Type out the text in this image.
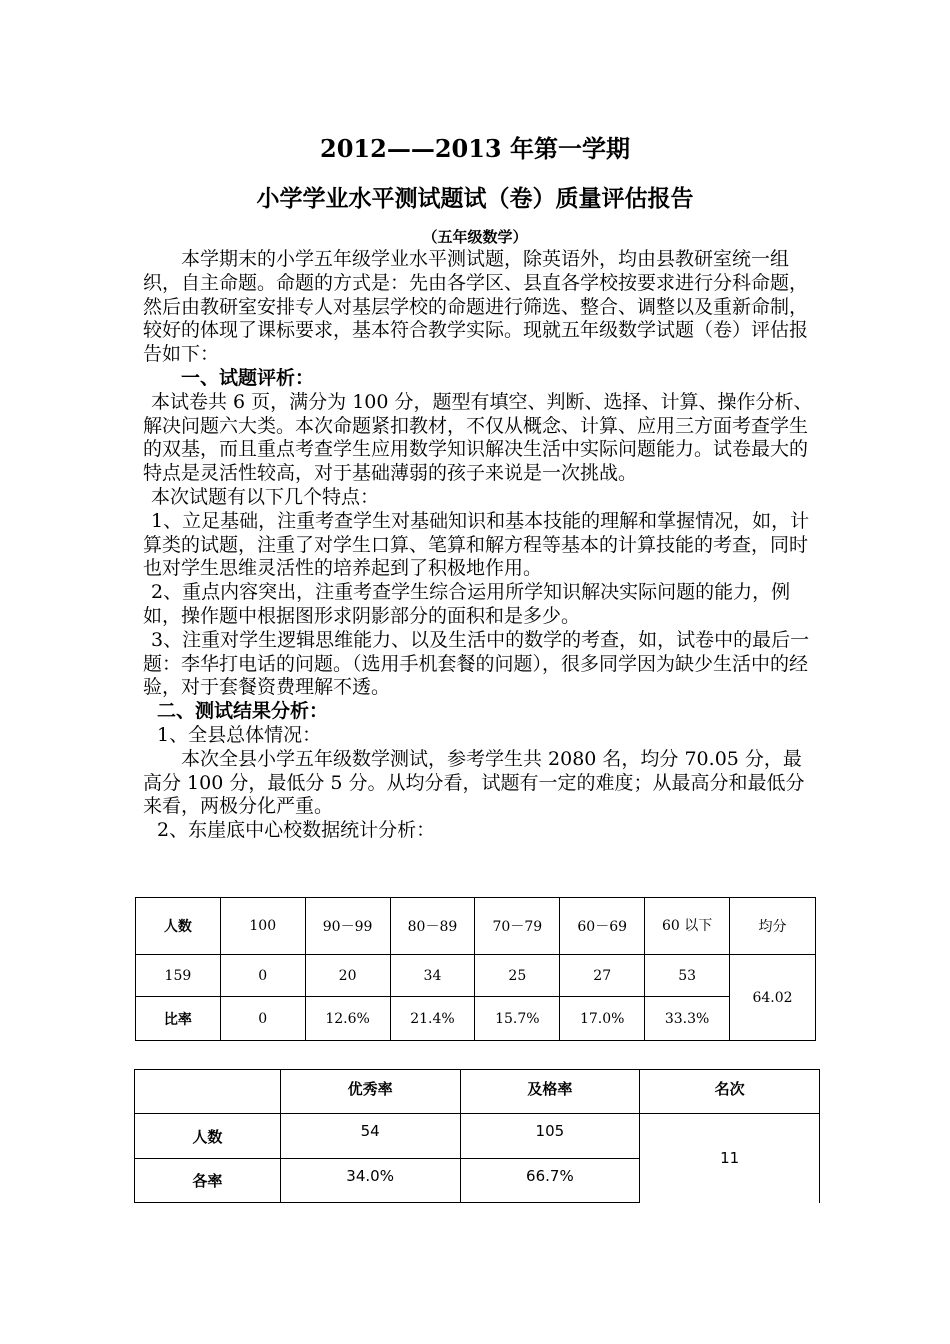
2012——2013 年第一学期
小学学业水平测试题试（卷）质量评估报告
（五年级数学）

本学期末的小学五年级学业水平测试题，除英语外，均由县教研室统一组织，自主命题。命题的方式是：先由各学区、县直各学校按要求进行分科命题，然后由教研室安排专人对基层学校的命题进行筛选、整合、调整以及重新命制，较好的体现了课标要求，基本符合教学实际。现就五年级数学试题（卷）评估报告如下：

一、试题评析：

本试卷共 6 页，满分为 100 分，题型有填空、判断、选择、计算、操作分析、解决问题六大类。本次命题紧扣教材，不仅从概念、计算、应用三方面考查学生的双基，而且重点考查学生应用数学知识解决生活中实际问题能力。试卷最大的特点是灵活性较高，对于基础薄弱的孩子来说是一次挑战。

本次试题有以下几个特点：

1、立足基础，注重考查学生对基础知识和基本技能的理解和掌握情况，如，计算类的试题，注重了对学生口算、笔算和解方程等基本的计算技能的考查，同时也对学生思维灵活性的培养起到了积极地作用。

2、重点内容突出，注重考查学生综合运用所学知识解决实际问题的能力，例如，操作题中根据图形求阴影部分的面积和是多少。

3、注重对学生逻辑思维能力、以及生活中的数学的考查，如，试卷中的最后一题：李华打电话的问题。（选用手机套餐的问题），很多同学因为缺少生活中的经验，对于套餐资费理解不透。

二、测试结果分析：

1、全县总体情况：

本次全县小学五年级数学测试，参考学生共 2080 名，均分 70.05 分，最高分 100 分，最低分 5 分。从均分看，试题有一定的难度；从最高分和最低分来看，两极分化严重。

2、东崖底中心校数据统计分析：

人数	100	90－99	80－89	70－79	60－69	60 以下	均分
159	0	20	34	25	27	53	64.02
比率	0	12.6%	21.4%	15.7%	17.0%	33.3%	
	优秀率	及格率	名次
人数	54	105	11
各率	34.0%	66.7%	
